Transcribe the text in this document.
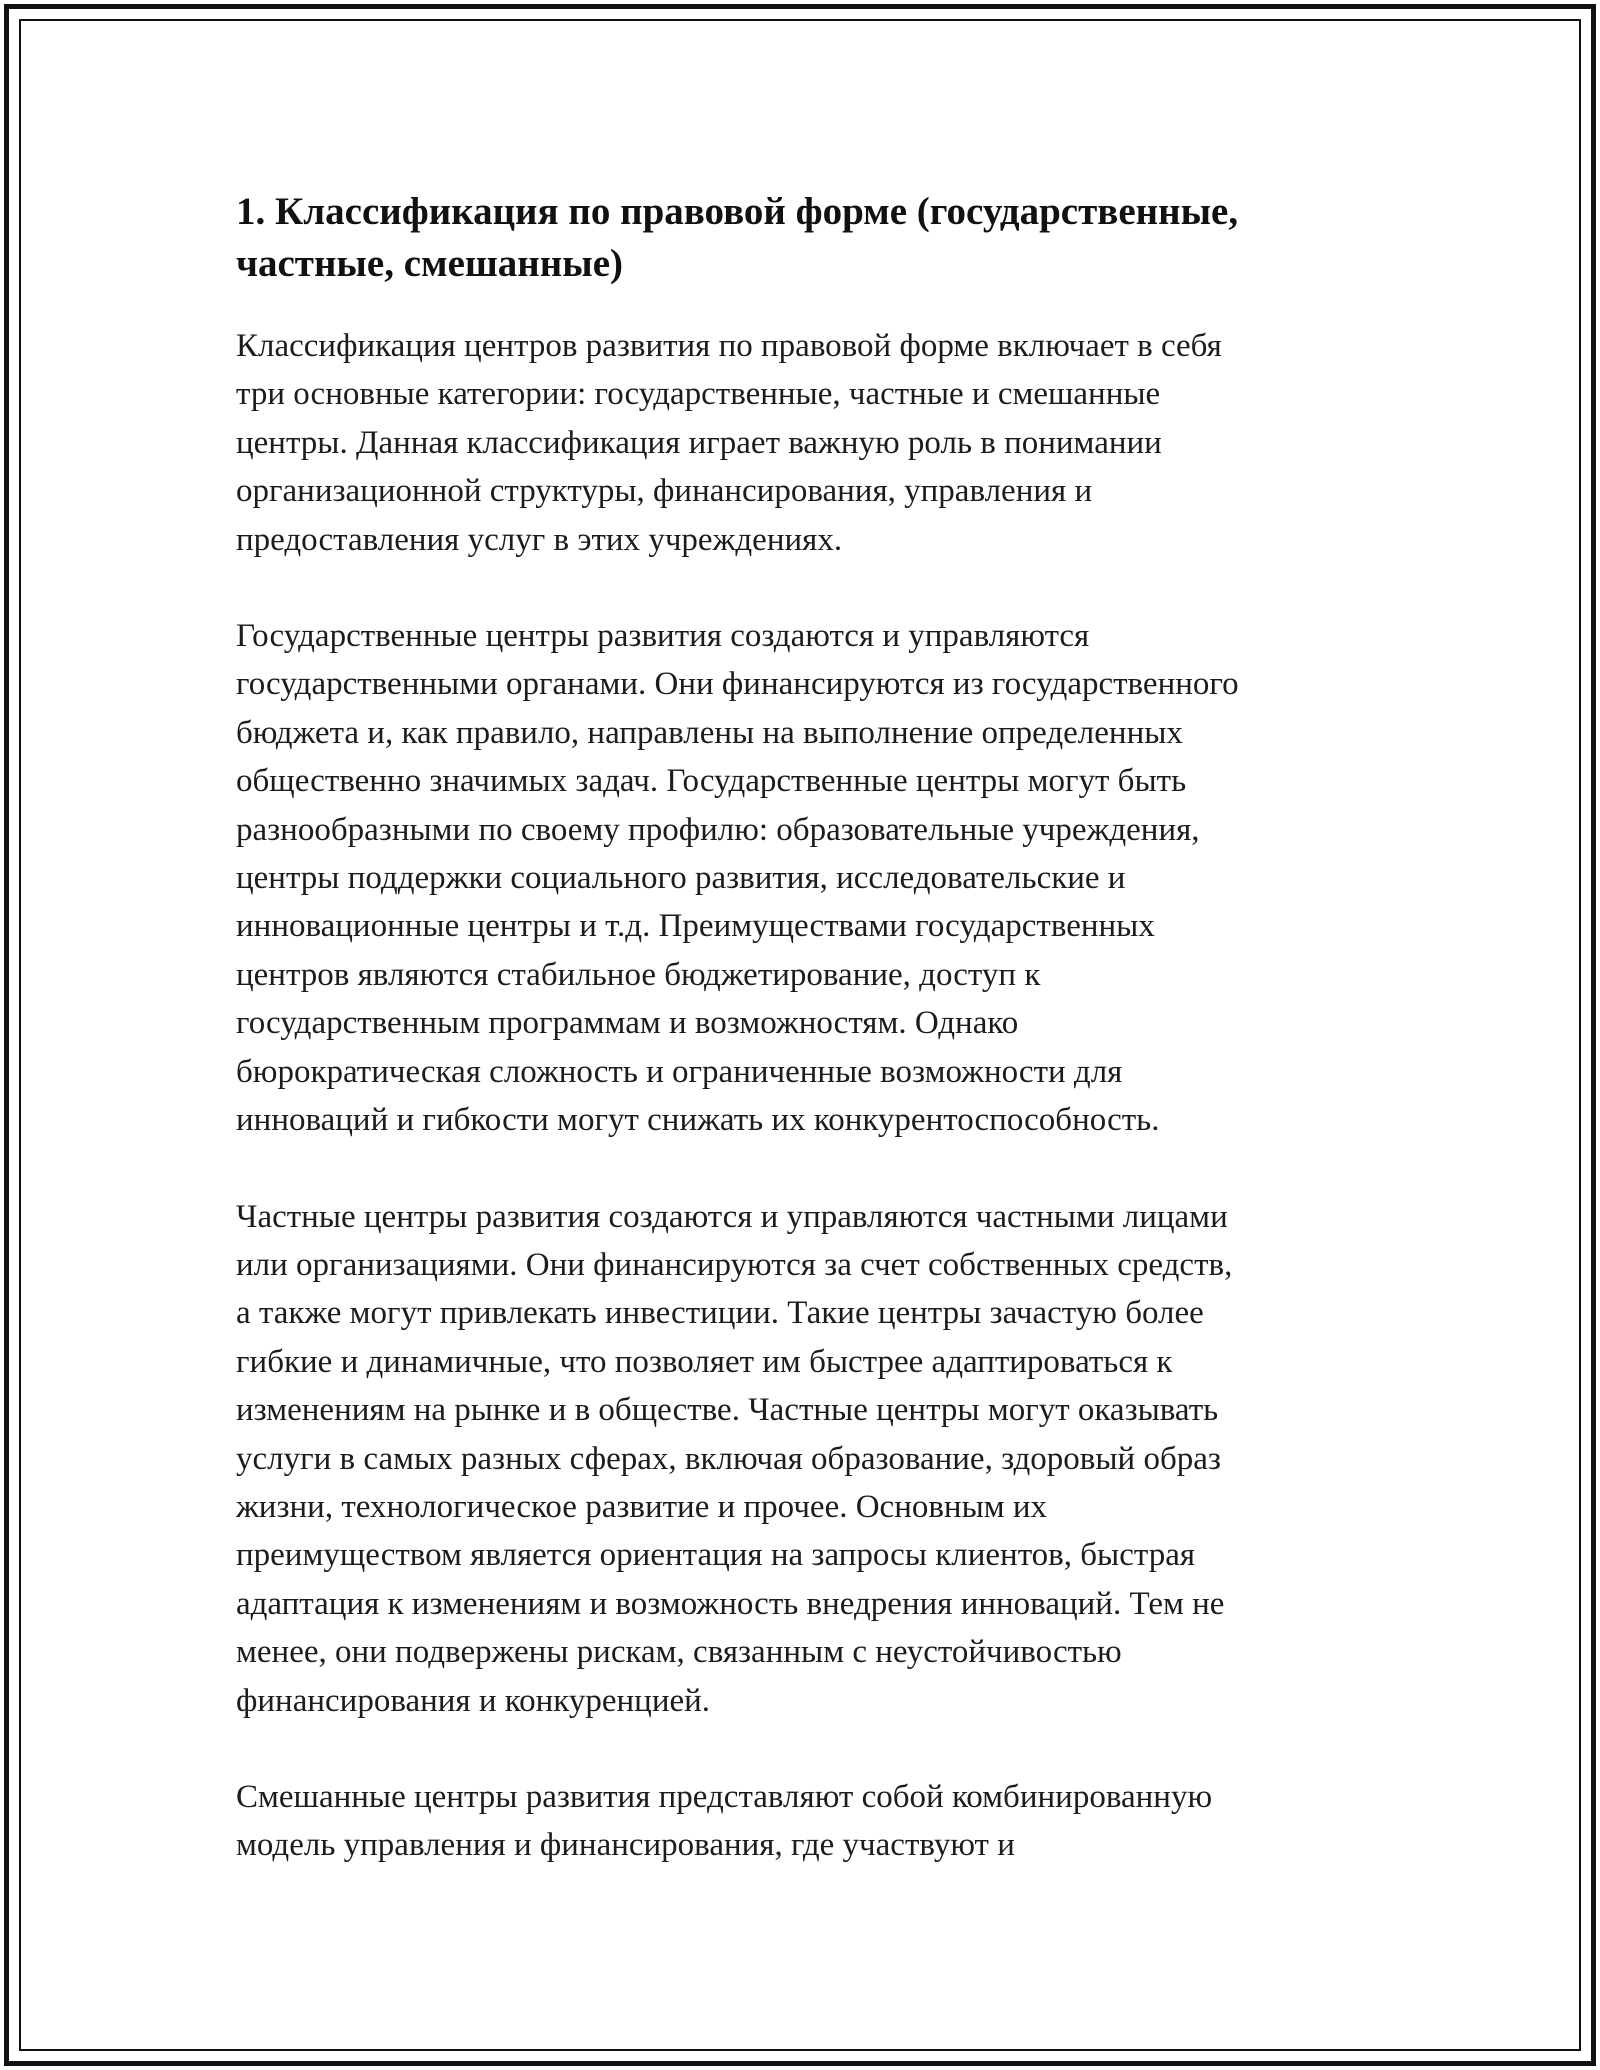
1. Классификация по правовой форме (государственные,
частные, смешанные)

Классификация центров развития по правовой форме включает в себя
три основные категории: государственные, частные и смешанные
центры. Данная классификация играет важную роль в понимании
организационной структуры, финансирования, управления и
предоставления услуг в этих учреждениях.

Государственные центры развития создаются и управляются
государственными органами. Они финансируются из государственного
бюджета и, как правило, направлены на выполнение определенных
общественно значимых задач. Государственные центры могут быть
разнообразными по своему профилю: образовательные учреждения,
центры поддержки социального развития, исследовательские и
инновационные центры и т.д. Преимуществами государственных
центров являются стабильное бюджетирование, доступ к
государственным программам и возможностям. Однако
бюрократическая сложность и ограниченные возможности для
инноваций и гибкости могут снижать их конкурентоспособность.

Частные центры развития создаются и управляются частными лицами
или организациями. Они финансируются за счет собственных средств,
а также могут привлекать инвестиции. Такие центры зачастую более
гибкие и динамичные, что позволяет им быстрее адаптироваться к
изменениям на рынке и в обществе. Частные центры могут оказывать
услуги в самых разных сферах, включая образование, здоровый образ
жизни, технологическое развитие и прочее. Основным их
преимуществом является ориентация на запросы клиентов, быстрая
адаптация к изменениям и возможность внедрения инноваций. Тем не
менее, они подвержены рискам, связанным с неустойчивостью
финансирования и конкуренцией.

Смешанные центры развития представляют собой комбинированную
модель управления и финансирования, где участвуют и
